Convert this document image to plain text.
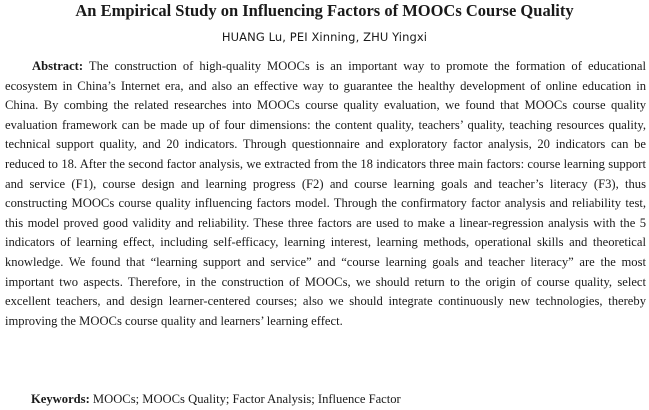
An Empirical Study on Influencing Factors of MOOCs Course Quality
HUANG Lu, PEI Xinning, ZHU Yingxi

Abstract: The construction of high-quality MOOCs is an important way to promote the formation of educational ecosystem in China’s Internet era, and also an effective way to guarantee the healthy development of online education in China. By combing the related researches into MOOCs course quality evaluation, we found that MOOCs course quality evaluation framework can be made up of four dimensions: the content quality, teachers’ quality, teaching resources quality, technical support quality, and 20 indicators. Through questionnaire and exploratory factor analysis, 20 indicators can be reduced to 18. After the second factor analysis, we extracted from the 18 indicators three main factors: course learning support and service (F1), course design and learning progress (F2) and course learning goals and teacher’s literacy (F3), thus constructing MOOCs course quality influencing factors model. Through the confirmatory factor analysis and reliability test, this model proved good validity and reliability. These three factors are used to make a linear-regression analysis with the 5 indicators of learning effect, including self-efficacy, learning interest, learning methods, operational skills and theoretical knowledge. We found that “learning support and service” and “course learning goals and teacher literacy” are the most important two aspects. Therefore, in the construction of MOOCs, we should return to the origin of course quality, select excellent teachers, and design learner-centered courses; also we should integrate continuously new technologies, thereby improving the MOOCs course quality and learners’ learning effect.

Keywords: MOOCs; MOOCs Quality; Factor Analysis; Influence Factor
